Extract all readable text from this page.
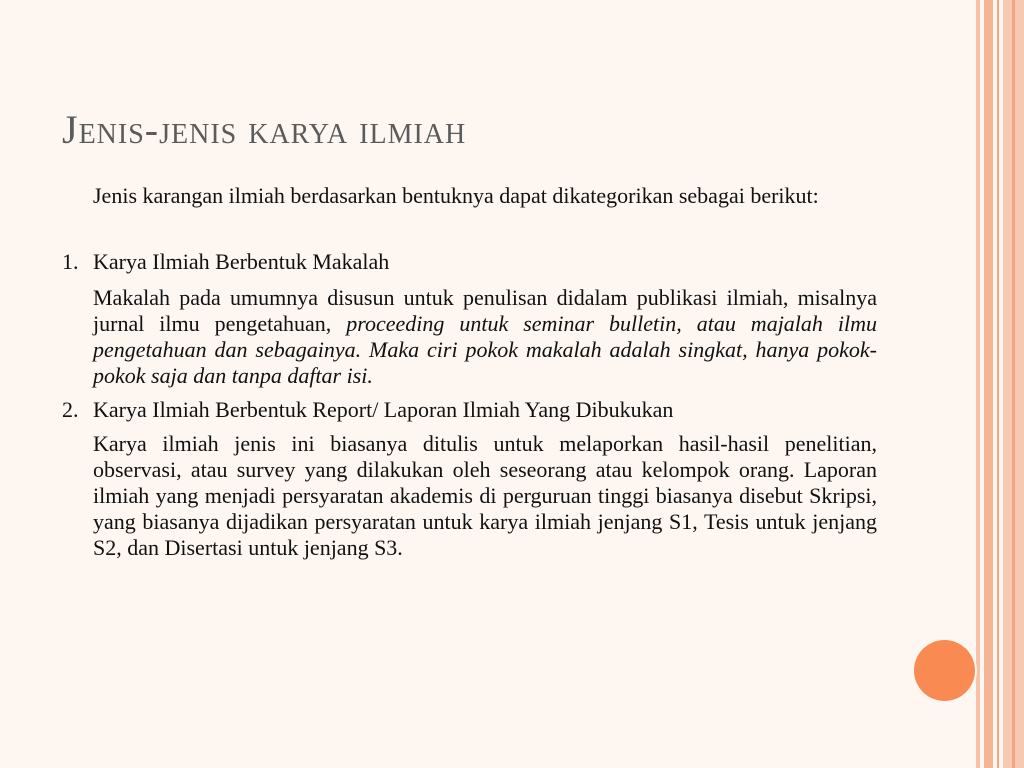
Jenis-jenis karya ilmiah

Jenis karangan ilmiah berdasarkan bentuknya dapat dikategorikan sebagai berikut:

1. Karya Ilmiah Berbentuk Makalah

Makalah pada umumnya disusun untuk penulisan didalam publikasi ilmiah, misalnya jurnal ilmu pengetahuan, proceeding untuk seminar bulletin, atau majalah ilmu pengetahuan dan sebagainya. Maka ciri pokok makalah adalah singkat, hanya pokok-pokok saja dan tanpa daftar isi.

2. Karya Ilmiah Berbentuk Report/ Laporan Ilmiah Yang Dibukukan

Karya ilmiah jenis ini biasanya ditulis untuk melaporkan hasil-hasil penelitian, observasi, atau survey yang dilakukan oleh seseorang atau kelompok orang. Laporan ilmiah yang menjadi persyaratan akademis di perguruan tinggi biasanya disebut Skripsi, yang biasanya dijadikan persyaratan untuk karya ilmiah jenjang S1, Tesis untuk jenjang S2, dan Disertasi untuk jenjang S3.
